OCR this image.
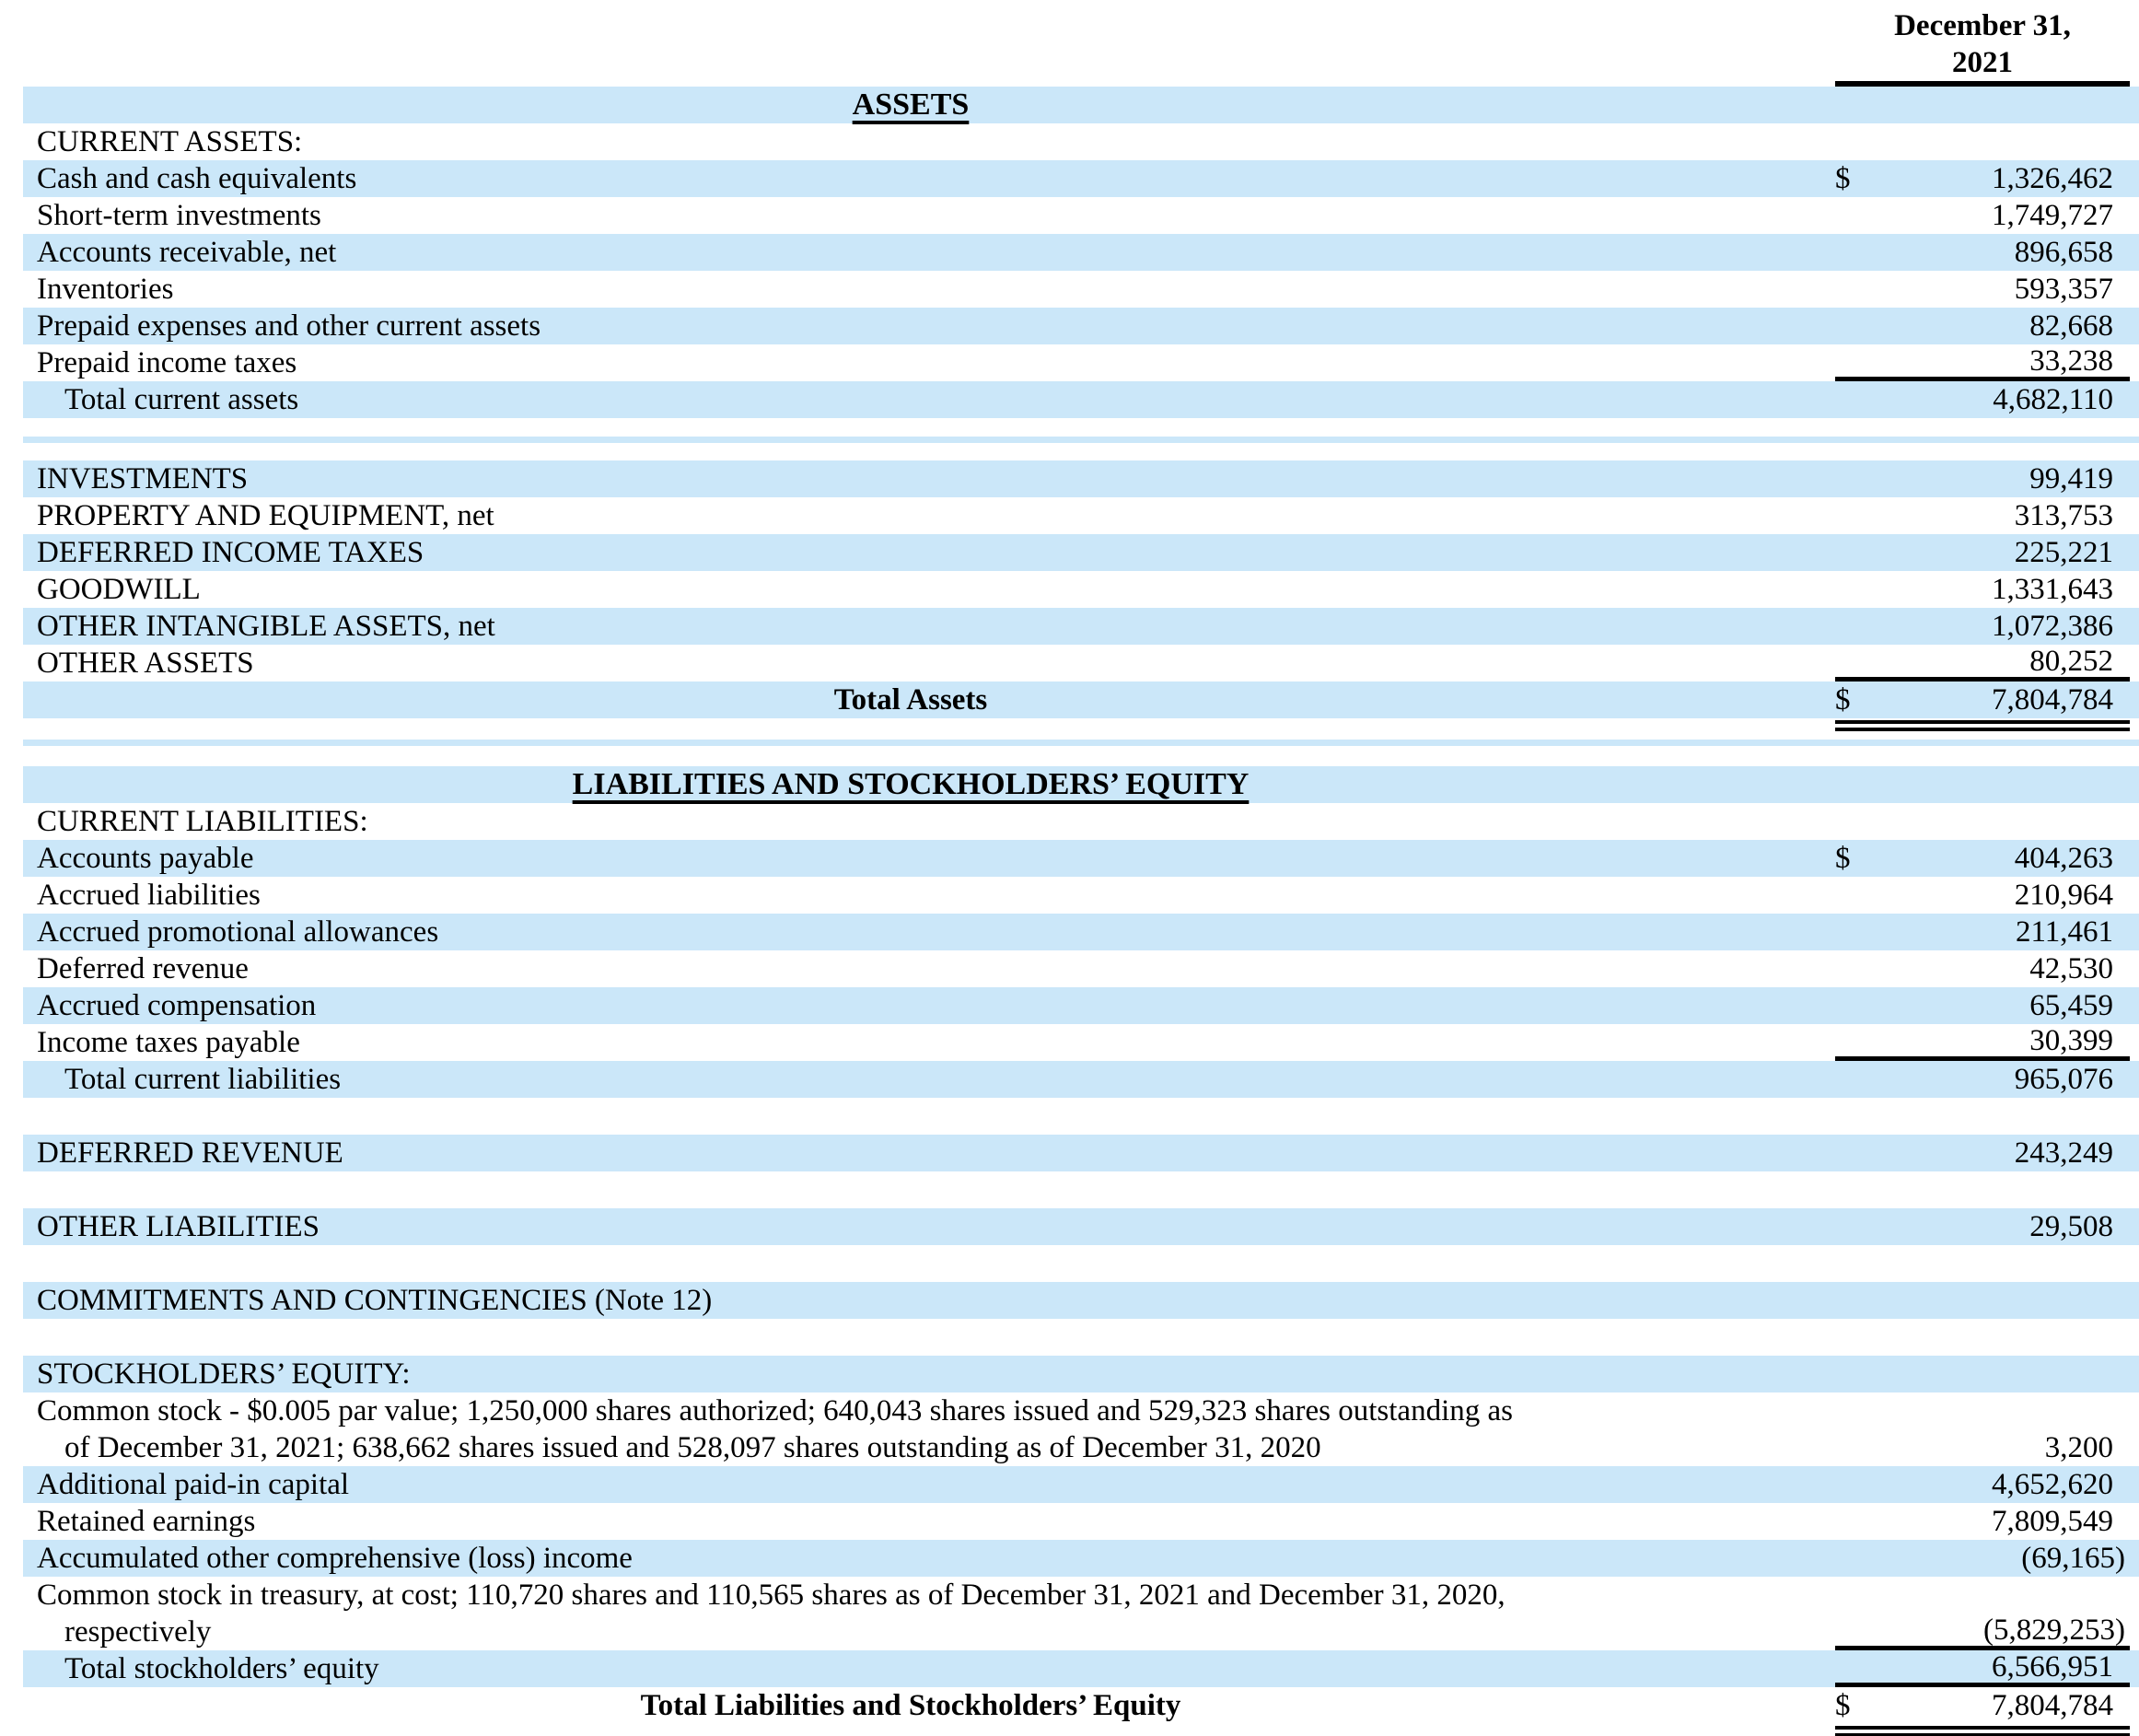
December 31,
2021
ASSETS
CURRENT ASSETS:
Cash and cash equivalents	$	1,326,462
Short-term investments	1,749,727
Accounts receivable, net	896,658
Inventories	593,357
Prepaid expenses and other current assets	82,668
Prepaid income taxes	33,238
Total current assets	4,682,110
INVESTMENTS	99,419
PROPERTY AND EQUIPMENT, net	313,753
DEFERRED INCOME TAXES	225,221
GOODWILL	1,331,643
OTHER INTANGIBLE ASSETS, net	1,072,386
OTHER ASSETS	80,252
Total Assets	$	7,804,784
LIABILITIES AND STOCKHOLDERS’ EQUITY
CURRENT LIABILITIES:
Accounts payable	$	404,263
Accrued liabilities	210,964
Accrued promotional allowances	211,461
Deferred revenue	42,530
Accrued compensation	65,459
Income taxes payable	30,399
Total current liabilities	965,076
DEFERRED REVENUE	243,249
OTHER LIABILITIES	29,508
COMMITMENTS AND CONTINGENCIES (Note 12)
STOCKHOLDERS’ EQUITY:
Common stock - $0.005 par value; 1,250,000 shares authorized; 640,043 shares issued and 529,323 shares outstanding as
of December 31, 2021; 638,662 shares issued and 528,097 shares outstanding as of December 31, 2020	3,200
Additional paid-in capital	4,652,620
Retained earnings	7,809,549
Accumulated other comprehensive (loss) income	(69,165)
Common stock in treasury, at cost; 110,720 shares and 110,565 shares as of December 31, 2021 and December 31, 2020,
respectively	(5,829,253)
Total stockholders’ equity	6,566,951
Total Liabilities and Stockholders’ Equity	$	7,804,784
